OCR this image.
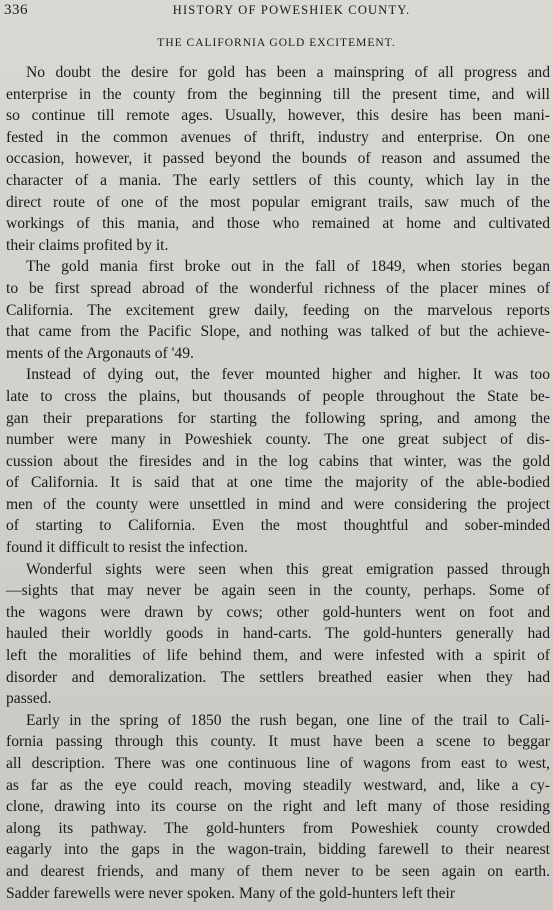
336	HISTORY OF POWESHIEK COUNTY.
THE CALIFORNIA GOLD EXCITEMENT.
No doubt the desire for gold has been a mainspring of all progress and
enterprise in the county from the beginning till the present time, and will
so continue till remote ages. Usually, however, this desire has been mani-
fested in the common avenues of thrift, industry and enterprise. On one
occasion, however, it passed beyond the bounds of reason and assumed the
character of a mania. The early settlers of this county, which lay in the
direct route of one of the most popular emigrant trails, saw much of the
workings of this mania, and those who remained at home and cultivated
their claims profited by it.
The gold mania first broke out in the fall of 1849, when stories began
to be first spread abroad of the wonderful richness of the placer mines of
California. The excitement grew daily, feeding on the marvelous reports
that came from the Pacific Slope, and nothing was talked of but the achieve-
ments of the Argonauts of '49.
Instead of dying out, the fever mounted higher and higher. It was too
late to cross the plains, but thousands of people throughout the State be-
gan their preparations for starting the following spring, and among the
number were many in Poweshiek county. The one great subject of dis-
cussion about the firesides and in the log cabins that winter, was the gold
of California. It is said that at one time the majority of the able-bodied
men of the county were unsettled in mind and were considering the project
of starting to California. Even the most thoughtful and sober-minded
found it difficult to resist the infection.
Wonderful sights were seen when this great emigration passed through
—sights that may never be again seen in the county, perhaps. Some of
the wagons were drawn by cows; other gold-hunters went on foot and
hauled their worldly goods in hand-carts. The gold-hunters generally had
left the moralities of life behind them, and were infested with a spirit of
disorder and demoralization. The settlers breathed easier when they had
passed.
Early in the spring of 1850 the rush began, one line of the trail to Cali-
fornia passing through this county. It must have been a scene to beggar
all description. There was one continuous line of wagons from east to west,
as far as the eye could reach, moving steadily westward, and, like a cy-
clone, drawing into its course on the right and left many of those residing
along its pathway. The gold-hunters from Poweshiek county crowded
eagarly into the gaps in the wagon-train, bidding farewell to their nearest
and dearest friends, and many of them never to be seen again on earth.
Sadder farewells were never spoken. Many of the gold-hunters left their
